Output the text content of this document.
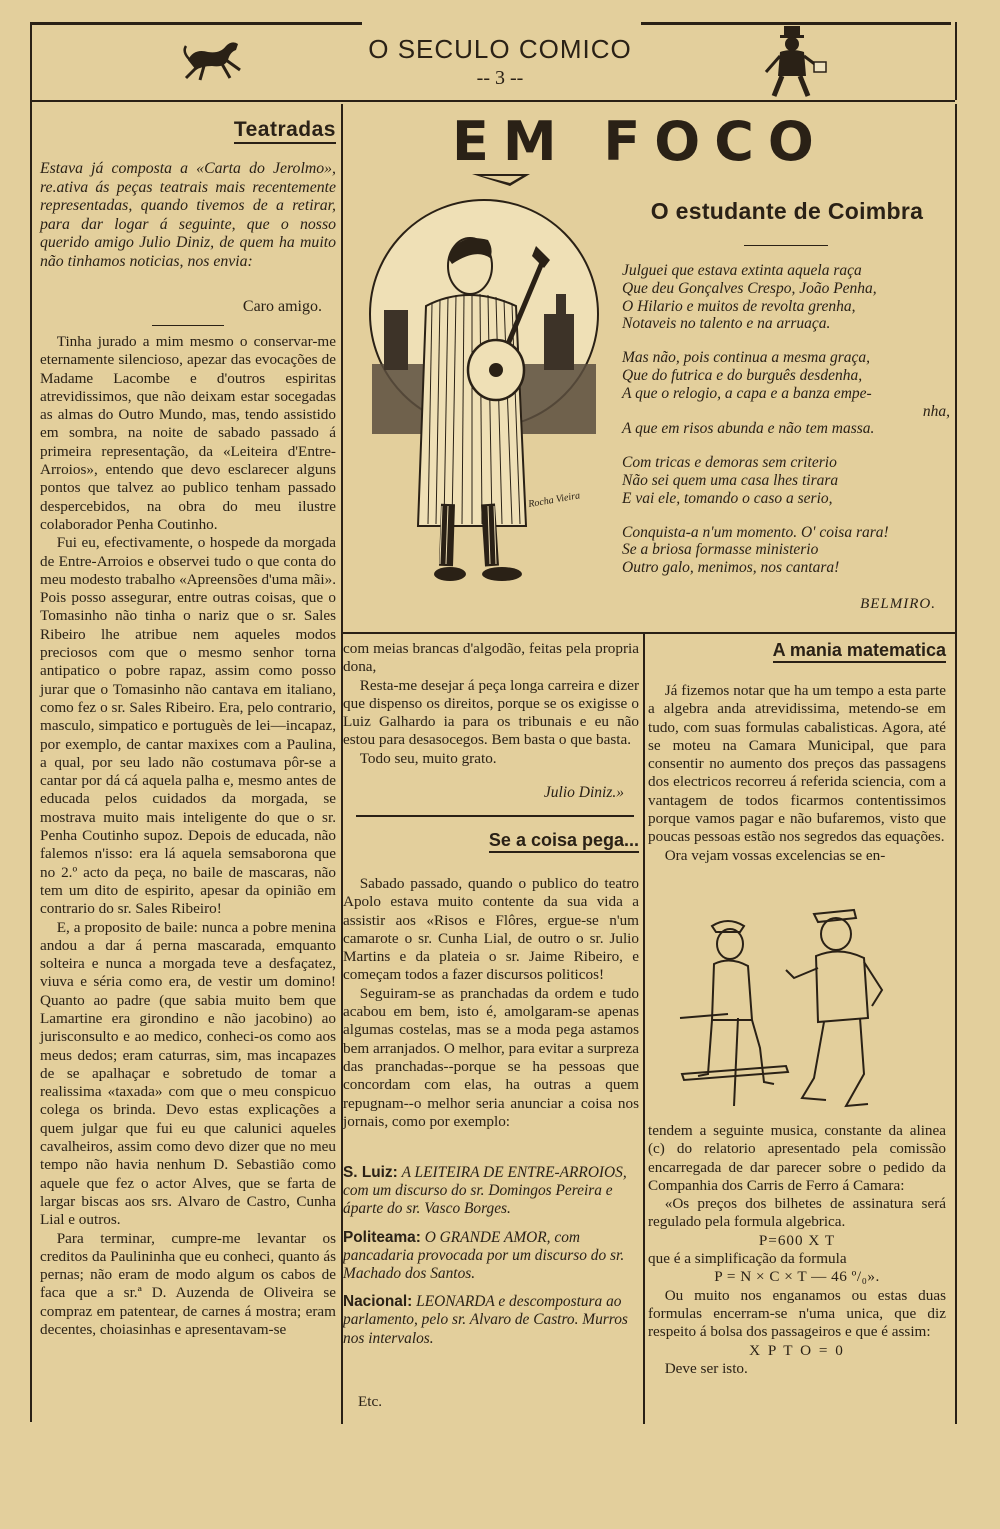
O SECULO COMICO
-- 3 --
Teatradas
Estava já composta a «Carta do Jerolmo», re.ativa ás peças teatrais mais recentemente representadas, quando tivemos de a retirar, para dar logar á seguinte, que o nosso querido amigo Julio Diniz, de quem ha muito não tinhamos noticias, nos envia:
Caro amigo.

Tinha jurado a mim mesmo o conservar-me eternamente silencioso, apezar das evocações de Madame Lacombe e d'outros espiritas atrevidissimos, que não deixam estar socegadas as almas do Outro Mundo, mas, tendo assistido em sombra, na noite de sabado passado á primeira representação, da «Leiteira d'Entre-Arroios», entendo que devo esclarecer alguns pontos que talvez ao publico tenham passado despercebidos, na obra do meu ilustre colaborador Penha Coutinho.

Fui eu, efectivamente, o hospede da morgada de Entre-Arroios e observei tudo o que conta do meu modesto trabalho «Apreensões d'uma mãi». Pois posso assegurar, entre outras coisas, que o Tomasinho não tinha o nariz que o sr. Sales Ribeiro lhe atribue nem aqueles modos preciosos com que o mesmo senhor torna antipatico o pobre rapaz, assim como posso jurar que o Tomasinho não cantava em italiano, como fez o sr. Sales Ribeiro. Era, pelo contrario, masculo, simpatico e portuguès de lei—incapaz, por exemplo, de cantar maxixes com a Paulina, a qual, por seu lado não costumava pôr-se a cantar por dá cá aquela palha e, mesmo antes de educada pelos cuidados da morgada, se mostrava muito mais inteligente do que o sr. Penha Coutinho supoz. Depois de educada, não falemos n'isso: era lá aquela semsaborona que no 2.º acto da peça, no baile de mascaras, não tem um dito de espirito, apesar da opinião em contrario do sr. Sales Ribeiro!

E, a proposito de baile: nunca a pobre menina andou a dar á perna mascarada, emquanto solteira e nunca a morgada teve a desfaçatez, viuva e séria como era, de vestir um domino! Quanto ao padre (que sabia muito bem que Lamartine era girondino e não jacobino) ao jurisconsulto e ao medico, conheci-os como aos meus dedos; eram caturras, sim, mas incapazes de se apalhaçar e sobretudo de tomar a realissima «taxada» com que o meu conspicuo colega os brinda. Devo estas explicações a quem julgar que fui eu que calunici aqueles cavalheiros, assim como devo dizer que no meu tempo não havia nenhum D. Sebastião como aquele que fez o actor Alves, que se farta de largar biscas aos srs. Alvaro de Castro, Cunha Lial e outros.

Para terminar, cumpre-me levantar os creditos da Paulininha que eu conheci, quanto ás pernas; não eram de modo algum os cabos de faca que a sr.ª D. Auzenda de Oliveira se compraz em patentear, de carnes á mostra; eram decentes, choiasinhas e apresentavam-se

EM FOCO
O estudante de Coimbra
Rocha Vieira
Julguei que estava extinta aquela raça
Que deu Gonçalves Crespo, João Penha,
O Hilario e muitos de revolta grenha,
Notaveis no talento e na arruaça.
Mas não, pois continua a mesma graça,
Que do futrica e do burguês desdenha,
A que o relogio, a capa e a banza empe-
nha,
A que em risos abunda e não tem massa.
Com tricas e demoras sem criterio
Não sei quem uma casa lhes tirara
E vai ele, tomando o caso a serio,
Conquista-a n'um momento. O' coisa rara!
Se a briosa formasse ministerio
Outro galo, menimos, nos cantara!
BELMIRO.

com meias brancas d'algodão, feitas pela propria dona,

Resta-me desejar á peça longa carreira e dizer que dispenso os direitos, porque se os exigisse o Luiz Galhardo ia para os tribunais e eu não estou para desasocegos. Bem basta o que basta.

Todo seu, muito grato.

Julio Diniz.»
Se a coisa pega...

Sabado passado, quando o publico do teatro Apolo estava muito contente da sua vida a assistir aos «Risos e Flôres, ergue-se n'um camarote o sr. Cunha Lial, de outro o sr. Julio Martins e da plateia o sr. Jaime Ribeiro, e começam todos a fazer discursos politicos!

Seguiram-se as pranchadas da ordem e tudo acabou em bem, isto é, amolgaram-se apenas algumas costelas, mas se a moda pega astamos bem arranjados. O melhor, para evitar a surpreza das pranchadas--porque se ha pessoas que concordam com elas, ha outras a quem repugnam--o melhor seria anunciar a coisa nos jornais, como por exemplo:

S. Luiz: A LEITEIRA DE ENTRE-ARROIOS, com um discurso do sr. Domingos Pereira e áparte do sr. Vasco Borges.
Politeama: O GRANDE AMOR, com pancadaria provocada por um discurso do sr. Machado dos Santos.
Nacional: LEONARDA e descompostura ao parlamento, pelo sr. Alvaro de Castro. Murros nos intervalos.
Etc.
A mania matematica

Já fizemos notar que ha um tempo a esta parte a algebra anda atrevidissima, metendo-se em tudo, com suas formulas cabalisticas. Agora, até se moteu na Camara Municipal, que para consentir no aumento dos preços das passagens dos electricos recorreu á referida sciencia, com a vantagem de todos ficarmos contentissimos porque vamos pagar e não bufaremos, visto que poucas pessoas estão nos segredos das equações.

Ora vejam vossas excelencias se en-

tendem a seguinte musica, constante da alinea (c) do relatorio apresentado pela comissão encarregada de dar parecer sobre o pedido da Companhia dos Carris de Ferro á Camara:

«Os preços dos bilhetes de assinatura será regulado pela formula algebrica.

P=600 X T

que é a simplificação da formula

P = N × C × T — 46 º/₀».

Ou muito nos enganamos ou estas duas formulas encerram-se n'uma unica, que diz respeito á bolsa dos passageiros e que é assim:

X P T O = 0

Deve ser isto.
